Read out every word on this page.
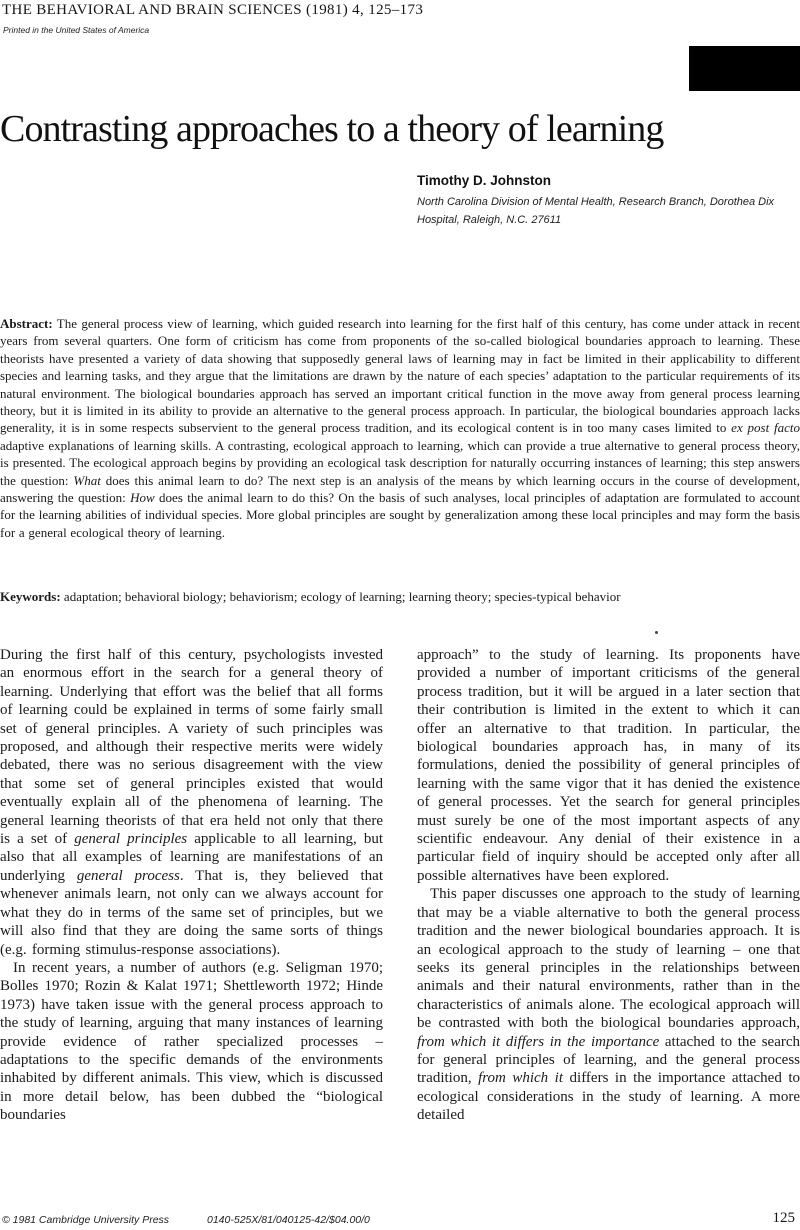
THE BEHAVIORAL AND BRAIN SCIENCES (1981) 4, 125–173
Printed in the United States of America
Contrasting approaches to a theory of learning
Timothy D. Johnston
North Carolina Division of Mental Health, Research Branch, Dorothea Dix
Hospital, Raleigh, N.C. 27611
Abstract: The general process view of learning, which guided research into learning for the first half of this century, has come under attack in recent years from several quarters. One form of criticism has come from proponents of the so-called biological boundaries approach to learning. These theorists have presented a variety of data showing that supposedly general laws of learning may in fact be limited in their applicability to different species and learning tasks, and they argue that the limitations are drawn by the nature of each species’ adaptation to the particular requirements of its natural environment. The biological boundaries approach has served an important critical function in the move away from general process learning theory, but it is limited in its ability to provide an alternative to the general process approach. In particular, the biological boundaries approach lacks generality, it is in some respects subservient to the general process tradition, and its ecological content is in too many cases limited to ex post facto adaptive explanations of learning skills. A contrasting, ecological approach to learning, which can provide a true alternative to general process theory, is presented. The ecological approach begins by providing an ecological task description for naturally occurring instances of learning; this step answers the question: What does this animal learn to do? The next step is an analysis of the means by which learning occurs in the course of development, answering the question: How does the animal learn to do this? On the basis of such analyses, local principles of adaptation are formulated to account for the learning abilities of individual species. More global principles are sought by generalization among these local principles and may form the basis for a general ecological theory of learning.
Keywords: adaptation; behavioral biology; behaviorism; ecology of learning; learning theory; species-typical behavior

During the first half of this century, psychologists invested an enormous effort in the search for a general theory of learning. Underlying that effort was the belief that all forms of learning could be explained in terms of some fairly small set of general principles. A variety of such principles was proposed, and although their respective merits were widely debated, there was no serious disagreement with the view that some set of general principles existed that would eventually explain all of the phenomena of learning. The general learning theorists of that era held not only that there is a set of general principles applicable to all learning, but also that all examples of learning are manifestations of an underlying general process. That is, they believed that whenever animals learn, not only can we always account for what they do in terms of the same set of principles, but we will also find that they are doing the same sorts of things (e.g. forming stimulus-response associations).

In recent years, a number of authors (e.g. Seligman 1970; Bolles 1970; Rozin & Kalat 1971; Shettleworth 1972; Hinde 1973) have taken issue with the general process approach to the study of learning, arguing that many instances of learning provide evidence of rather specialized processes – adaptations to the specific demands of the environments inhabited by different animals. This view, which is discussed in more detail below, has been dubbed the “biological boundaries

approach” to the study of learning. Its proponents have provided a number of important criticisms of the general process tradition, but it will be argued in a later section that their contribution is limited in the extent to which it can offer an alternative to that tradition. In particular, the biological boundaries approach has, in many of its formulations, denied the possibility of general principles of learning with the same vigor that it has denied the existence of general processes. Yet the search for general principles must surely be one of the most important aspects of any scientific endeavour. Any denial of their existence in a particular field of inquiry should be accepted only after all possible alternatives have been explored.

This paper discusses one approach to the study of learning that may be a viable alternative to both the general process tradition and the newer biological boundaries approach. It is an ecological approach to the study of learning – one that seeks its general principles in the relationships between animals and their natural environments, rather than in the characteristics of animals alone. The ecological approach will be contrasted with both the biological boundaries approach, from which it differs in the importance attached to the search for general principles of learning, and the general process tradition, from which it differs in the importance attached to ecological considerations in the study of learning. A more detailed

© 1981 Cambridge University Press	0140-525X/81/040125-42/$04.00/0	125
